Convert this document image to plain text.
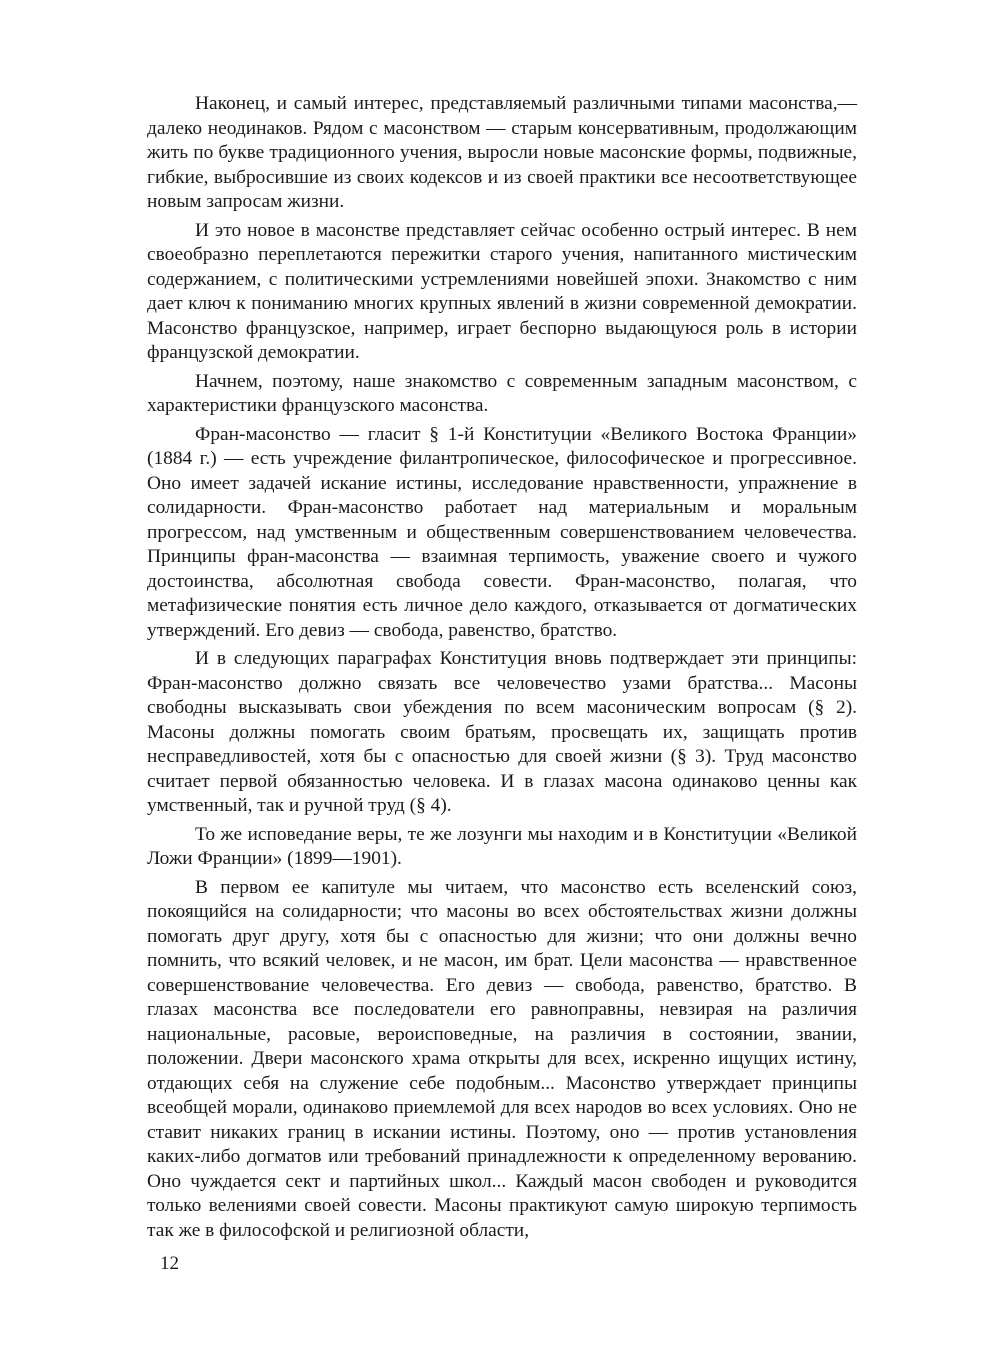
Наконец, и самый интерес, представляемый различными типами масонства,— далеко неодинаков. Рядом с масонством — старым консервативным, продолжающим жить по букве традиционного учения, выросли новые масонские формы, подвижные, гибкие, выбросившие из своих кодексов и из своей практики все несоответствующее новым запросам жизни.

И это новое в масонстве представляет сейчас особенно острый интерес. В нем своеобразно переплетаются пережитки старого учения, напитанного мистическим содержанием, с политическими устремлениями новейшей эпохи. Знакомство с ним дает ключ к пониманию многих крупных явлений в жизни современной демократии. Масонство французское, например, играет беспорно выдающуюся роль в истории французской демократии.

Начнем, поэтому, наше знакомство с современным западным масонством, с характеристики французского масонства.

Фран-масонство — гласит § 1-й Конституции «Великого Востока Франции» (1884 г.) — есть учреждение филантропическое, философическое и прогрессивное. Оно имеет задачей искание истины, исследование нравственности, упражнение в солидарности. Фран-масонство работает над материальным и моральным прогрессом, над умственным и общественным совершенствованием человечества. Принципы фран-масонства — взаимная терпимость, уважение своего и чужого достоинства, абсолютная свобода совести. Фран-масонство, полагая, что метафизические понятия есть личное дело каждого, отказывается от догматических утверждений. Его девиз — свобода, равенство, братство.

И в следующих параграфах Конституция вновь подтверждает эти принципы: Фран-масонство должно связать все человечество узами братства... Масоны свободны высказывать свои убеждения по всем масоническим вопросам (§ 2). Масоны должны помогать своим братьям, просвещать их, защищать против несправедливостей, хотя бы с опасностью для своей жизни (§ 3). Труд масонство считает первой обязанностью человека. И в глазах масона одинаково ценны как умственный, так и ручной труд (§ 4).

То же исповедание веры, те же лозунги мы находим и в Конституции «Великой Ложи Франции» (1899—1901).

В первом ее капитуле мы читаем, что масонство есть вселенский союз, покоящийся на солидарности; что масоны во всех обстоятельствах жизни должны помогать друг другу, хотя бы с опасностью для жизни; что они должны вечно помнить, что всякий человек, и не масон, им брат. Цели масонства — нравственное совершенствование человечества. Его девиз — свобода, равенство, братство. В глазах масонства все последователи его равноправны, невзирая на различия национальные, расовые, вероисповедные, на различия в состоянии, звании, положении. Двери масонского храма открыты для всех, искренно ищущих истину, отдающих себя на служение себе подобным... Масонство утверждает принципы всеобщей морали, одинаково приемлемой для всех народов во всех условиях. Оно не ставит никаких границ в искании истины. Поэтому, оно — против установления каких-либо догматов или требований принадлежности к определенному верованию. Оно чуждается сект и партийных школ... Каждый масон свободен и руководится только велениями своей совести. Масоны практикуют самую широкую терпимость так же в философской и религиозной области,

12
